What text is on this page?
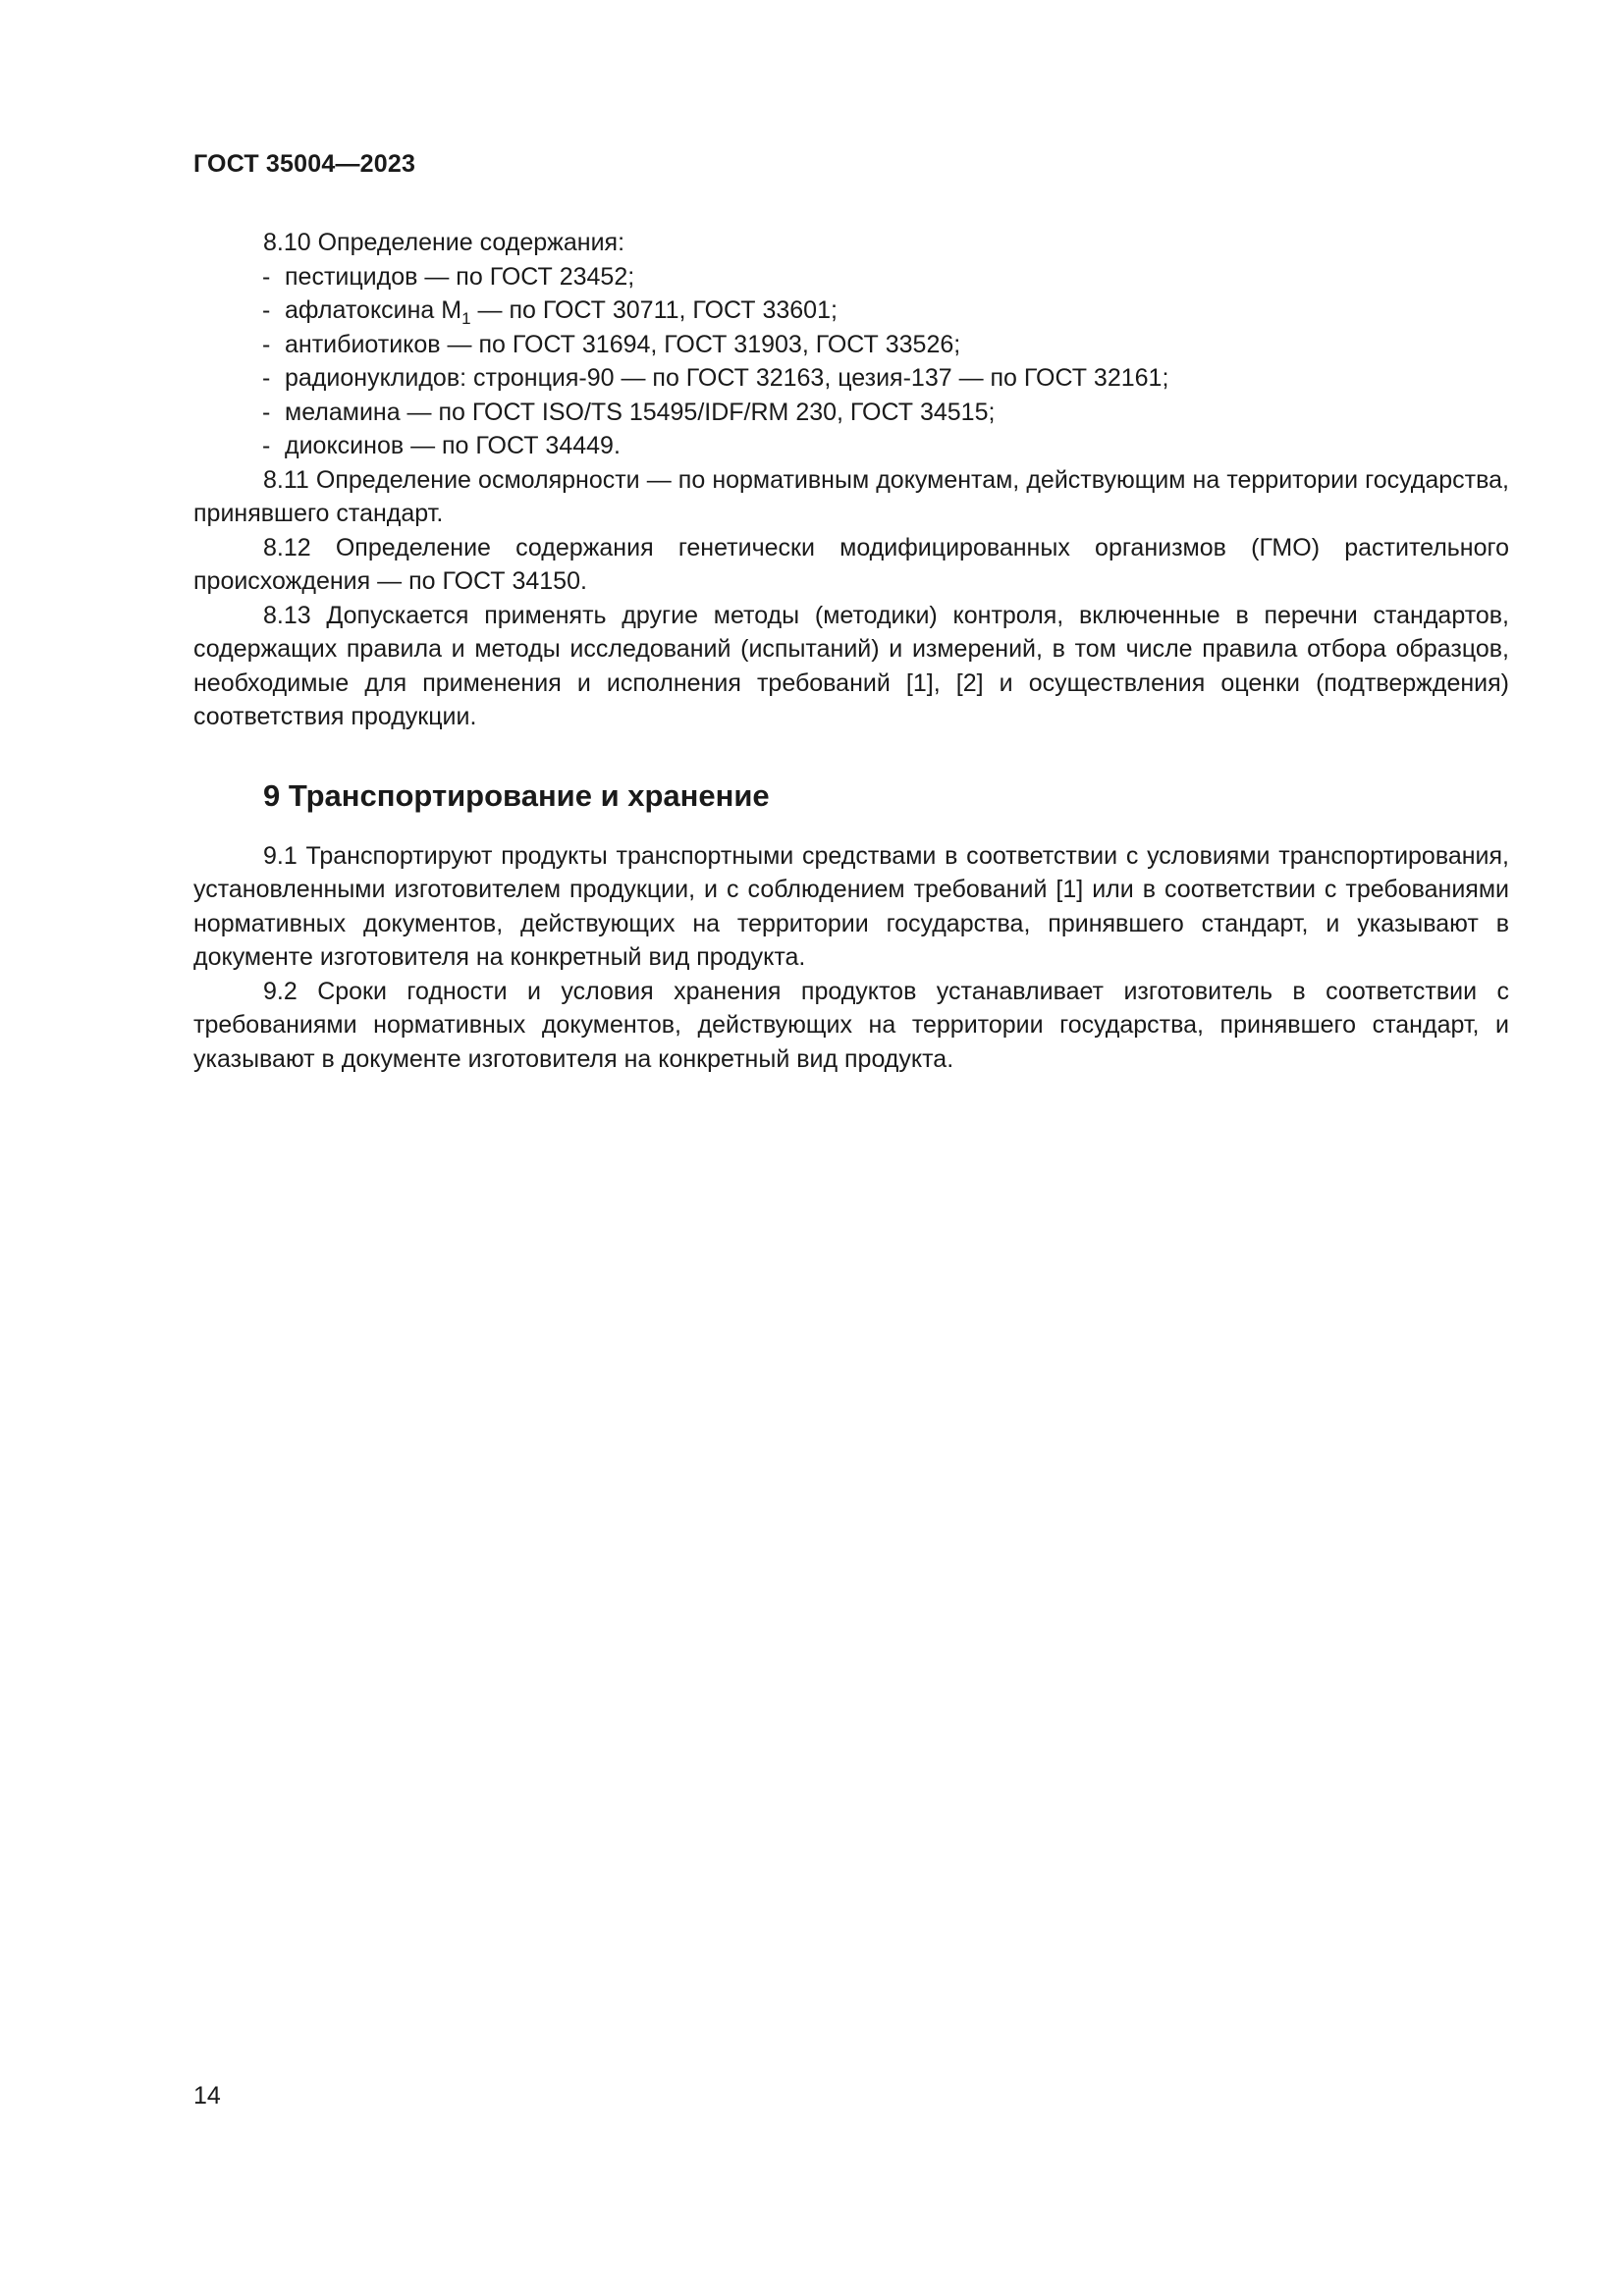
ГОСТ 35004—2023

8.10 Определение содержания:

- пестицидов — по ГОСТ 23452;
- афлатоксина $М_1$ — по ГОСТ 30711, ГОСТ 33601;
- антибиотиков — по ГОСТ 31694, ГОСТ 31903, ГОСТ 33526;
- радионуклидов: стронция-90 — по ГОСТ 32163, цезия-137 — по ГОСТ 32161;
- меламина — по ГОСТ ISO/TS 15495/IDF/RM 230, ГОСТ 34515;
- диоксинов — по ГОСТ 34449.

8.11 Определение осмолярности — по нормативным документам, действующим на территории государства, принявшего стандарт.

8.12 Определение содержания генетически модифицированных организмов (ГМО) растительного происхождения — по ГОСТ 34150.

8.13 Допускается применять другие методы (методики) контроля, включенные в перечни стандартов, содержащих правила и методы исследований (испытаний) и измерений, в том числе правила отбора образцов, необходимые для применения и исполнения требований [1], [2] и осуществления оценки (подтверждения) соответствия продукции.

9 Транспортирование и хранение

9.1 Транспортируют продукты транспортными средствами в соответствии с условиями транспортирования, установленными изготовителем продукции, и с соблюдением требований [1] или в соответствии с требованиями нормативных документов, действующих на территории государства, принявшего стандарт, и указывают в документе изготовителя на конкретный вид продукта.

9.2 Сроки годности и условия хранения продуктов устанавливает изготовитель в соответствии с требованиями нормативных документов, действующих на территории государства, принявшего стандарт, и указывают в документе изготовителя на конкретный вид продукта.

14
